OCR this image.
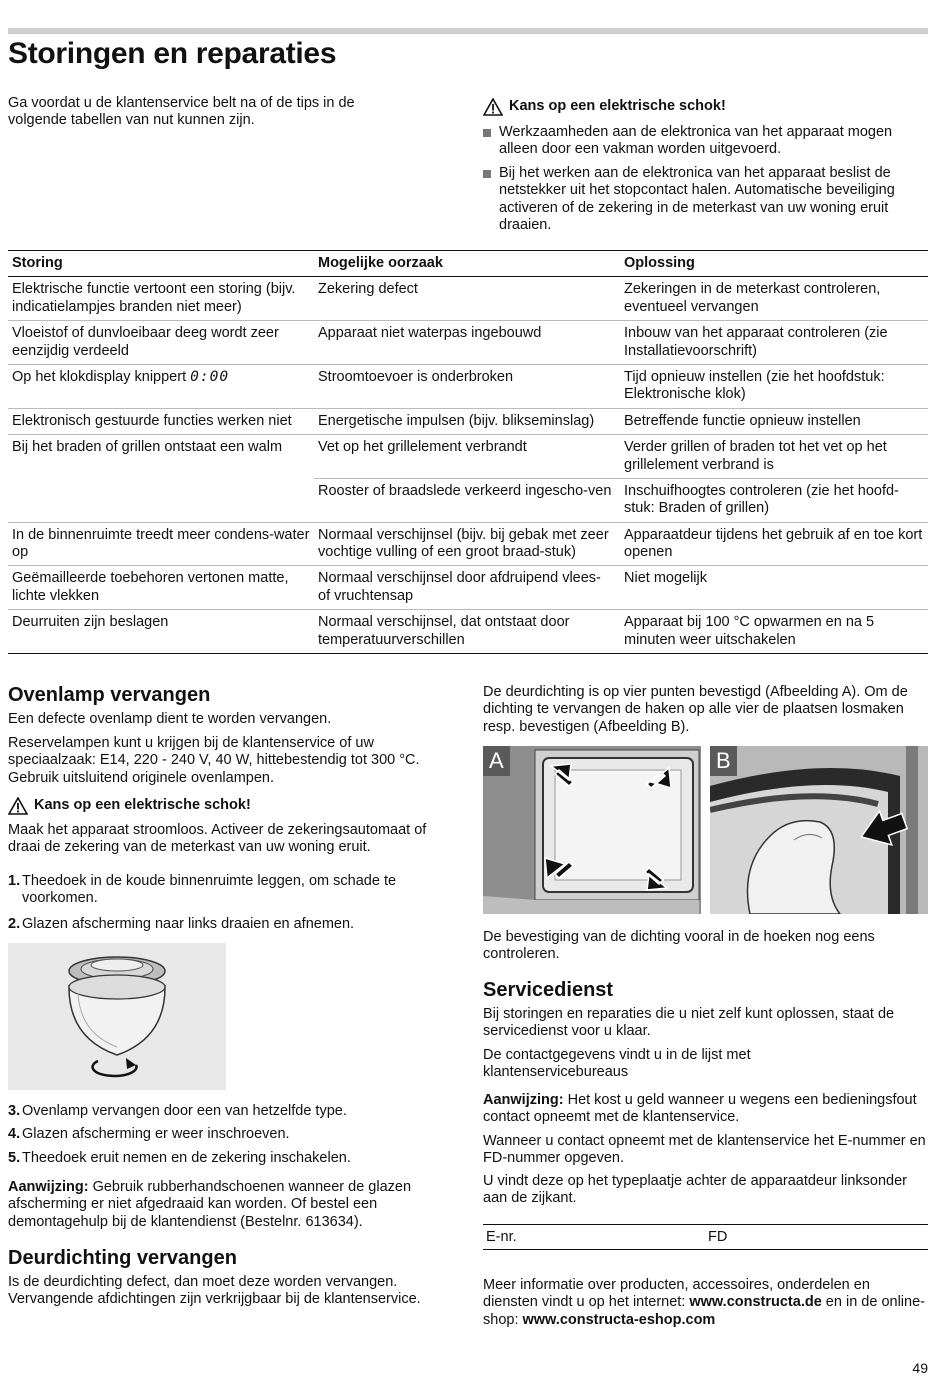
Storingen en reparaties

Ga voordat u de klantenservice belt na of de tips in de volgende tabellen van nut kunnen zijn.

Kans op een elektrische schok!
Werkzaamheden aan de elektronica van het apparaat mogen alleen door een vakman worden uitgevoerd.
Bij het werken aan de elektronica van het apparaat beslist de netstekker uit het stopcontact halen. Automatische beveiliging activeren of de zekering in de meterkast van uw woning eruit draaien.
Storing	Mogelijke oorzaak	Oplossing
Elektrische functie vertoont een storing (bijv. indicatielampjes branden niet meer)	Zekering defect	Zekeringen in de meterkast controleren, eventueel vervangen
Vloeistof of dunvloeibaar deeg wordt zeer eenzijdig verdeeld	Apparaat niet waterpas ingebouwd	Inbouw van het apparaat controleren (zie Installatievoorschrift)
Op het klokdisplay knippert 0:00	Stroomtoevoer is onderbroken	Tijd opnieuw instellen (zie het hoofdstuk: Elektronische klok)
Elektronisch gestuurde functies werken niet	Energetische impulsen (bijv. blikseminslag)	Betreffende functie opnieuw instellen
Bij het braden of grillen ontstaat een walm	Vet op het grillelement verbrandt	Verder grillen of braden tot het vet op het grillelement verbrand is
	Rooster of braadslede verkeerd ingescho-ven	Inschuifhoogtes controleren (zie het hoofd-stuk: Braden of grillen)
In de binnenruimte treedt meer condens-water op	Normaal verschijnsel (bijv. bij gebak met zeer vochtige vulling of een groot braad-stuk)	Apparaatdeur tijdens het gebruik af en toe kort openen
Geëmailleerde toebehoren vertonen matte, lichte vlekken	Normaal verschijnsel door afdruipend vlees- of vruchtensap	Niet mogelijk
Deurruiten zijn beslagen	Normaal verschijnsel, dat ontstaat door temperatuurverschillen	Apparaat bij 100 °C opwarmen en na 5 minuten weer uitschakelen
Ovenlamp vervangen

Een defecte ovenlamp dient te worden vervangen.

Reservelampen kunt u krijgen bij de klantenservice of uw speciaalzaak: E14, 220 - 240 V, 40 W, hittebestendig tot 300 °C. Gebruik uitsluitend originele ovenlampen.

Kans op een elektrische schok!

Maak het apparaat stroomloos. Activeer de zekeringsautomaat of draai de zekering van de meterkast van uw woning eruit.

1. Theedoek in de koude binnenruimte leggen, om schade te voorkomen.
2. Glazen afscherming naar links draaien en afnemen.
3. Ovenlamp vervangen door een van hetzelfde type.
4. Glazen afscherming er weer inschroeven.
5. Theedoek eruit nemen en de zekering inschakelen.

Aanwijzing: Gebruik rubberhandschoenen wanneer de glazen afscherming er niet afgedraaid kan worden. Of bestel een demontagehulp bij de klantendienst (Bestelnr. 613634).

Deurdichting vervangen

Is de deurdichting defect, dan moet deze worden vervangen. Vervangende afdichtingen zijn verkrijgbaar bij de klantenservice.

De deurdichting is op vier punten bevestigd (Afbeelding A). Om de dichting te vervangen de haken op alle vier de plaatsen losmaken resp. bevestigen (Afbeelding B).

A	B

De bevestiging van de dichting vooral in de hoeken nog eens controleren.

Servicedienst

Bij storingen en reparaties die u niet zelf kunt oplossen, staat de servicedienst voor u klaar.

De contactgegevens vindt u in de lijst met klantenservicebureaus

Aanwijzing: Het kost u geld wanneer u wegens een bedieningsfout contact opneemt met de klantenservice.

Wanneer u contact opneemt met de klantenservice het E-nummer en FD-nummer opgeven.

U vindt deze op het typeplaatje achter de apparaatdeur linksonder aan de zijkant.

E-nr.	FD

Meer informatie over producten, accessoires, onderdelen en diensten vindt u op het internet: www.constructa.de en in de online-shop: www.constructa-eshop.com

49
